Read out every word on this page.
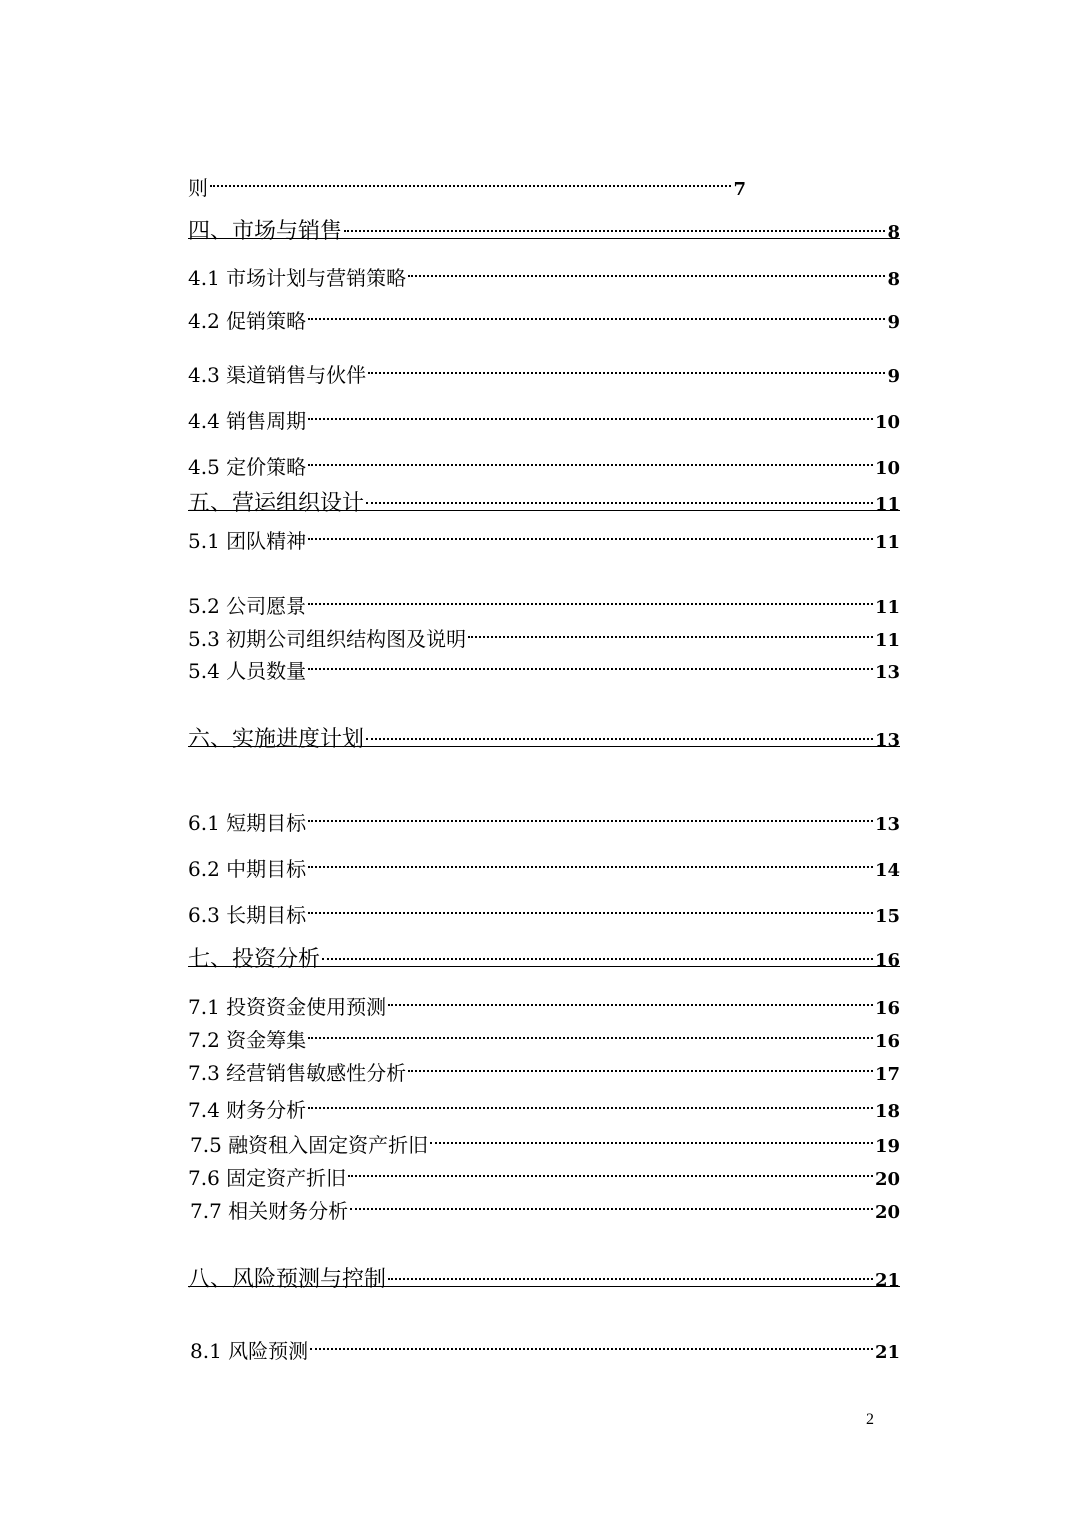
则	7
四、市场与销售	8
4.1 市场计划与营销策略	8
4.2 促销策略	9
4.3 渠道销售与伙伴	9
4.4 销售周期	10
4.5 定价策略	10
五、营运组织设计	11
5.1 团队精神	11
5.2 公司愿景	11
5.3 初期公司组织结构图及说明	11
5.4 人员数量	13
六、实施进度计划	13
6.1 短期目标	13
6.2 中期目标	14
6.3 长期目标	15
七、投资分析	16
7.1 投资资金使用预测	16
7.2 资金筹集	16
7.3 经营销售敏感性分析	17
7.4 财务分析	18
7.5 融资租入固定资产折旧	19
7.6 固定资产折旧	20
7.7 相关财务分析	20
八、风险预测与控制	21
8.1 风险预测	21
2
